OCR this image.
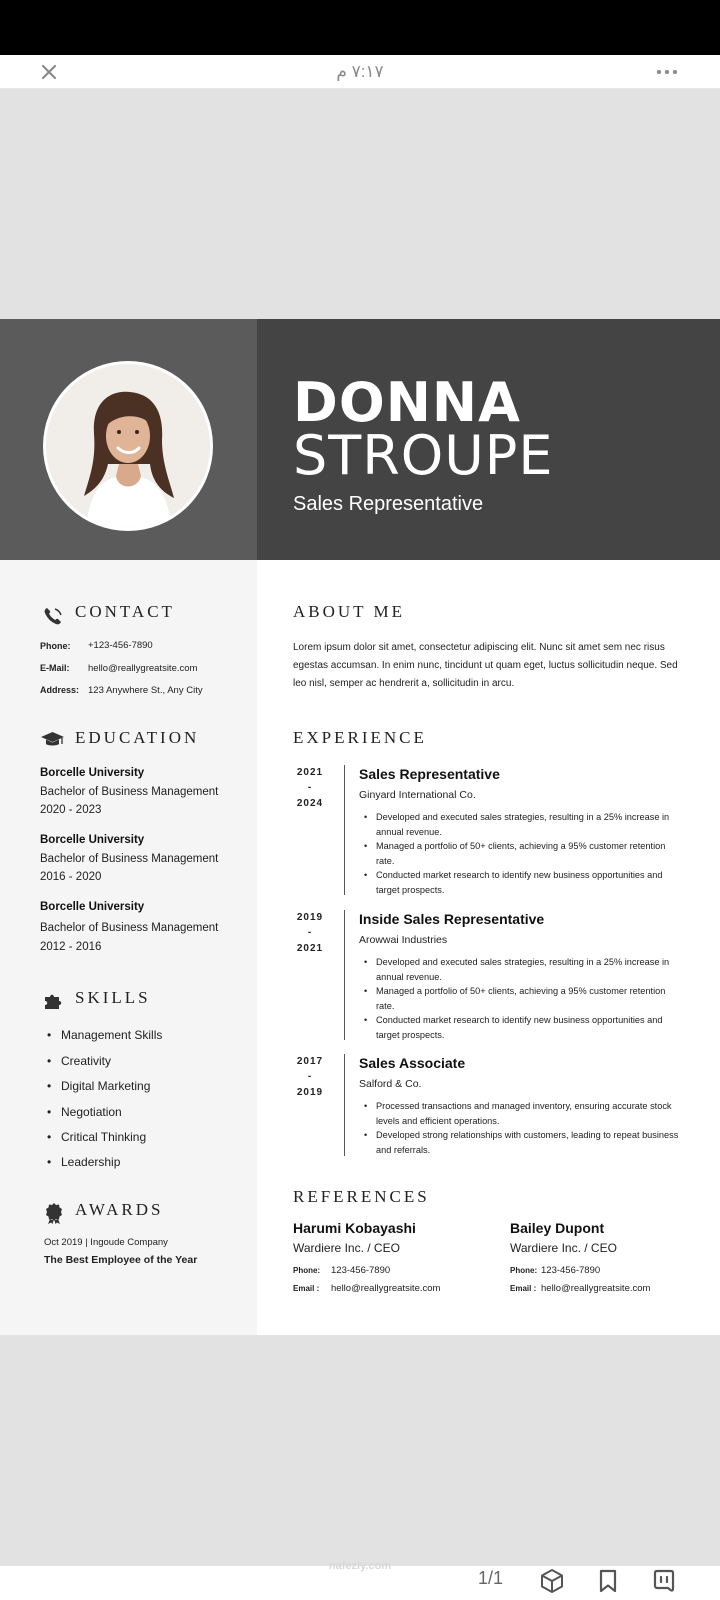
٧:١٧ م
DONNA
STROUPE
Sales Representative
CONTACT
Phone: +123-456-7890
E-Mail: hello@reallygreatsite.com
Address: 123 Anywhere St., Any City
EDUCATION
Borcelle University
Bachelor of Business Management
2020 - 2023
Borcelle University
Bachelor of Business Management
2016 - 2020
Borcelle University
Bachelor of Business Management
2012 - 2016
SKILLS
• Management Skills
• Creativity
• Digital Marketing
• Negotiation
• Critical Thinking
• Leadership
AWARDS
Oct 2019 | Ingoude Company
The Best Employee of the Year
ABOUT ME
Lorem ipsum dolor sit amet, consectetur adipiscing elit. Nunc sit amet sem nec risus egestas accumsan. In enim nunc, tincidunt ut quam eget, luctus sollicitudin neque. Sed leo nisl, semper ac hendrerit a, sollicitudin in arcu.
EXPERIENCE
2021
-
2024
Sales Representative
Ginyard International Co.
• Developed and executed sales strategies, resulting in a 25% increase in annual revenue.
• Managed a portfolio of 50+ clients, achieving a 95% customer retention rate.
• Conducted market research to identify new business opportunities and target prospects.
2019
-
2021
Inside Sales Representative
Arowwai Industries
• Developed and executed sales strategies, resulting in a 25% increase in annual revenue.
• Managed a portfolio of 50+ clients, achieving a 95% customer retention rate.
• Conducted market research to identify new business opportunities and target prospects.
2017
-
2019
Sales Associate
Salford & Co.
• Processed transactions and managed inventory, ensuring accurate stock levels and efficient operations.
• Developed strong relationships with customers, leading to repeat business and referrals.
REFERENCES
Harumi Kobayashi
Wardiere Inc. / CEO
Phone: 123-456-7890
Email : hello@reallygreatsite.com
Bailey Dupont
Wardiere Inc. / CEO
Phone: 123-456-7890
Email : hello@reallygreatsite.com
nafezly.com
1/1
